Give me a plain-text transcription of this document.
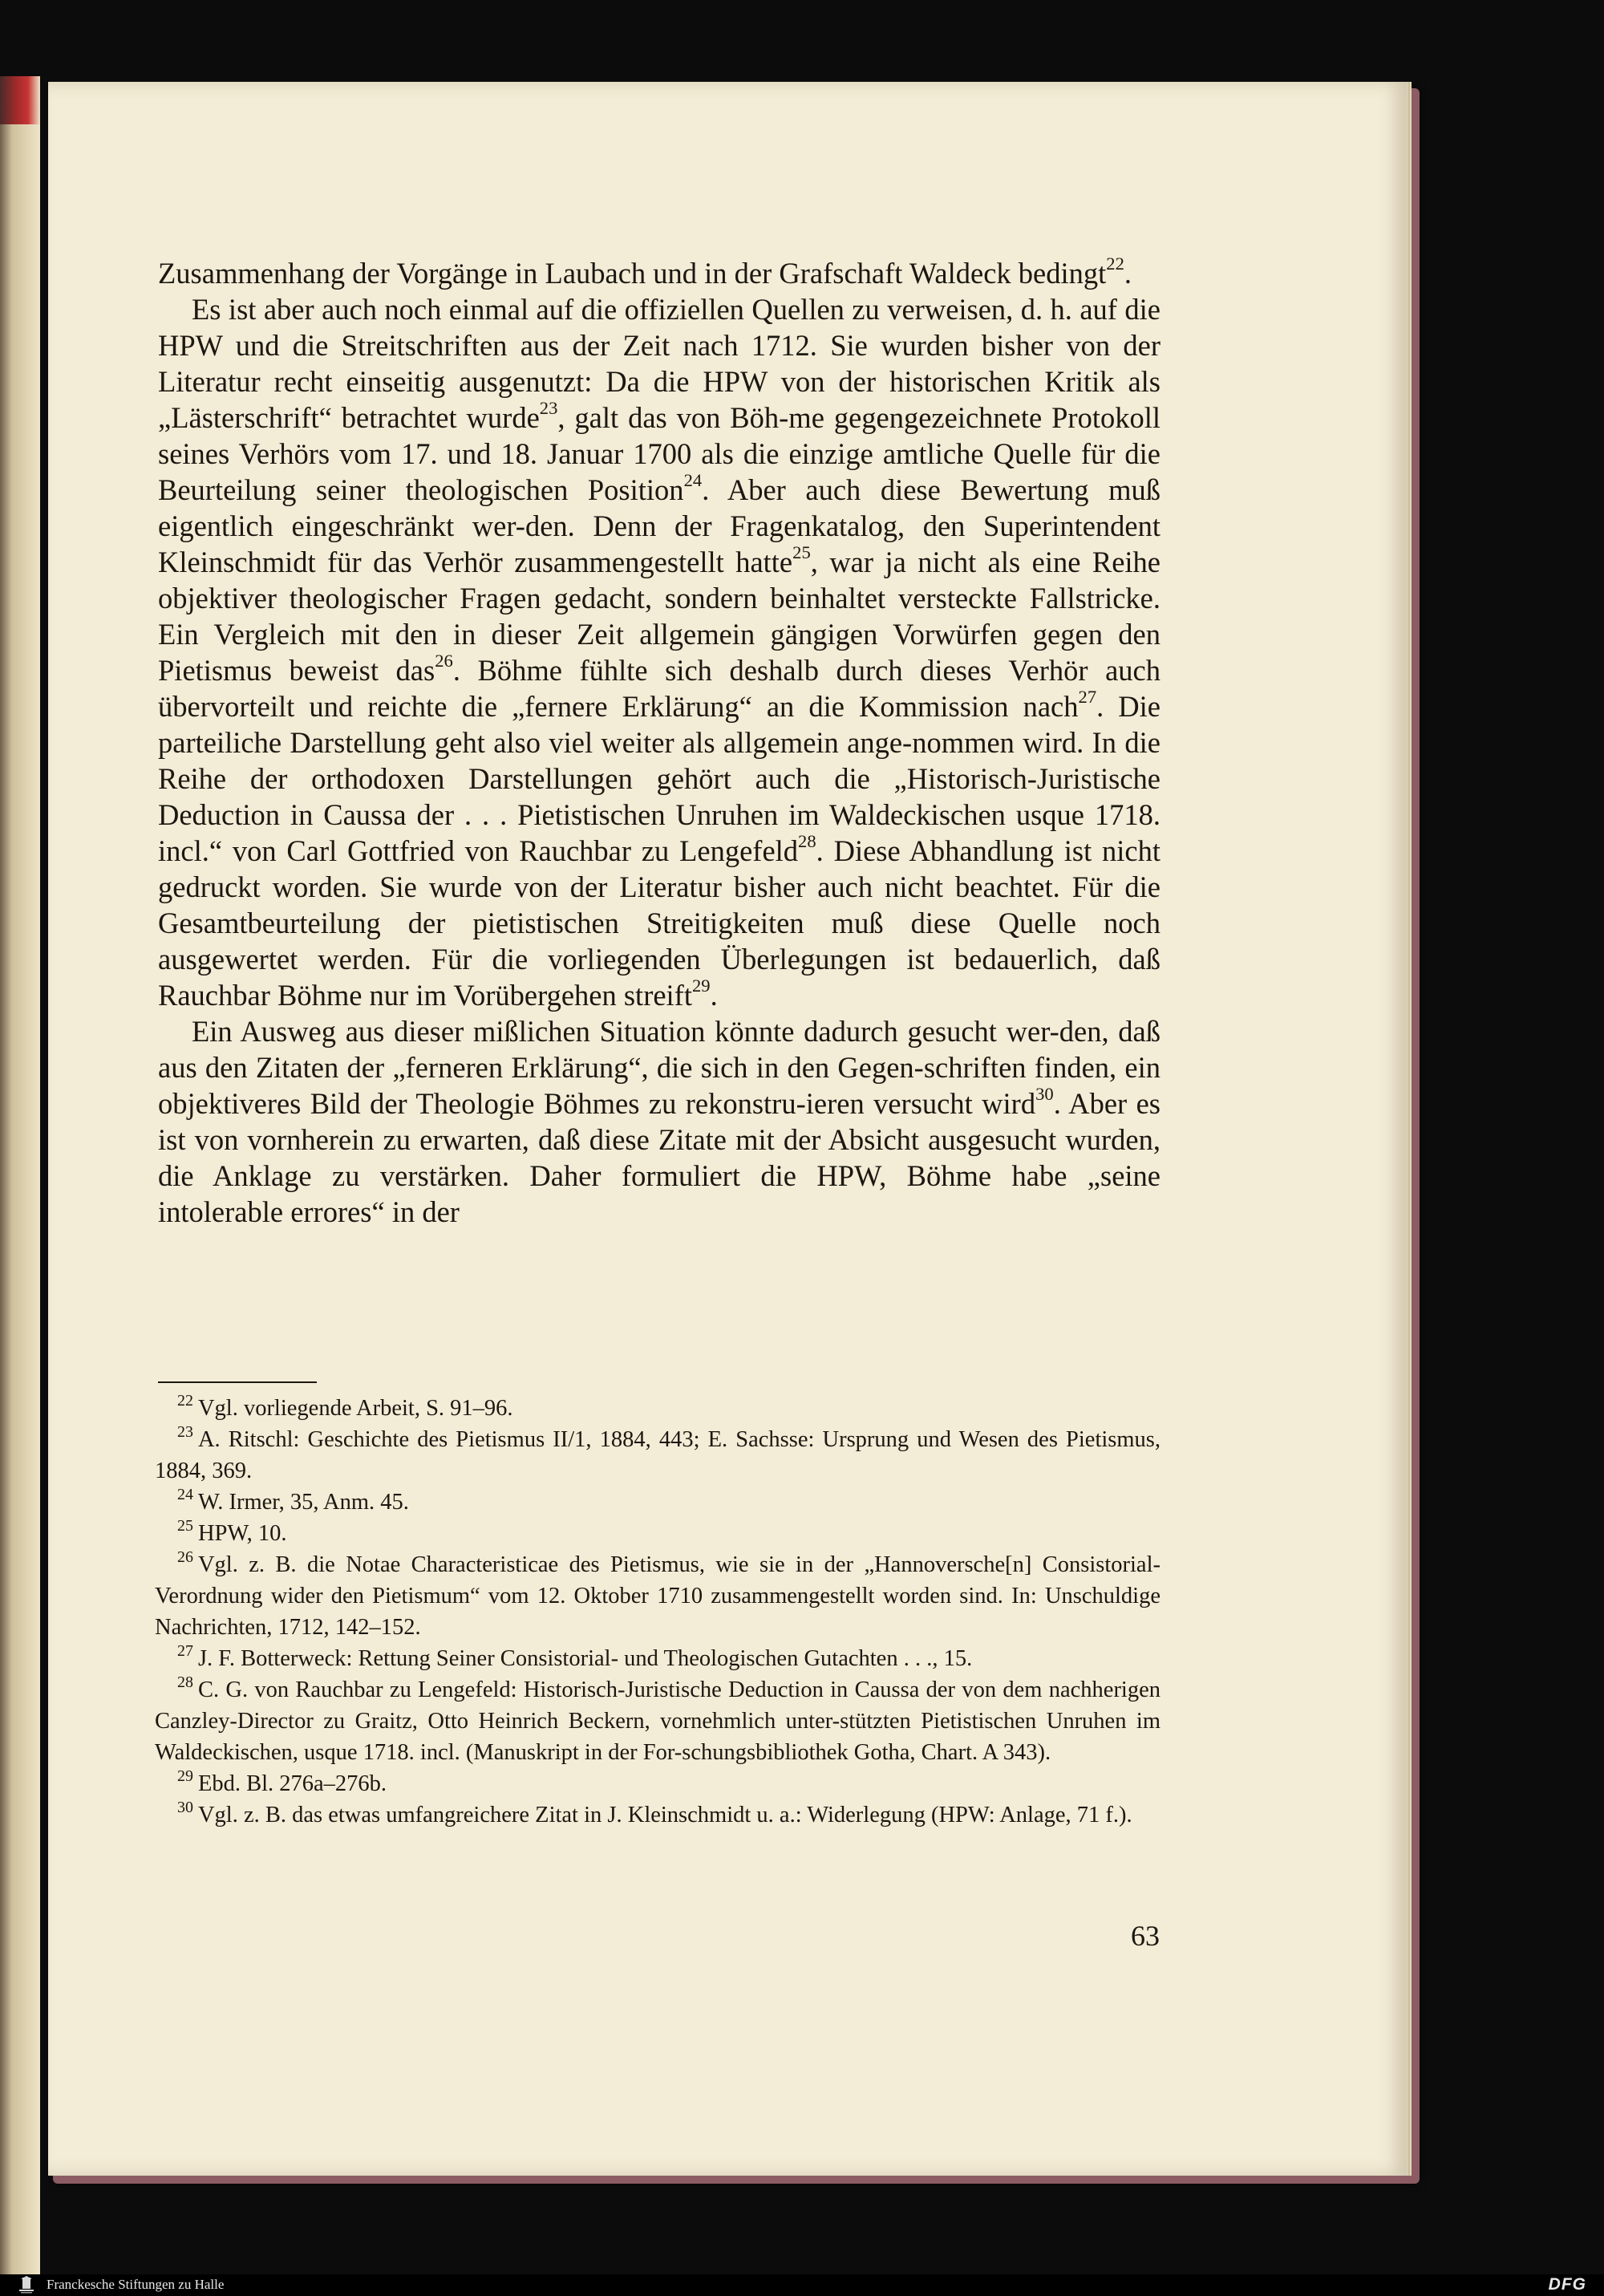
Zusammenhang der Vorgänge in Laubach und in der Grafschaft Waldeck bedingt$^{22}$.

Es ist aber auch noch einmal auf die offiziellen Quellen zu verweisen, d. h. auf die HPW und die Streitschriften aus der Zeit nach 1712. Sie wurden bisher von der Literatur recht einseitig ausgenutzt: Da die HPW von der historischen Kritik als „Lästerschrift“ betrachtet wurde$^{23}$, galt das von Böh-me gegengezeichnete Protokoll seines Verhörs vom 17. und 18. Januar 1700 als die einzige amtliche Quelle für die Beurteilung seiner theologischen Position$^{24}$. Aber auch diese Bewertung muß eigentlich eingeschränkt wer-den. Denn der Fragenkatalog, den Superintendent Kleinschmidt für das Verhör zusammengestellt hatte$^{25}$, war ja nicht als eine Reihe objektiver theologischer Fragen gedacht, sondern beinhaltet versteckte Fallstricke. Ein Vergleich mit den in dieser Zeit allgemein gängigen Vorwürfen gegen den Pietismus beweist das$^{26}$. Böhme fühlte sich deshalb durch dieses Verhör auch übervorteilt und reichte die „fernere Erklärung“ an die Kommission nach$^{27}$. Die parteiliche Darstellung geht also viel weiter als allgemein ange-nommen wird. In die Reihe der orthodoxen Darstellungen gehört auch die „Historisch-Juristische Deduction in Caussa der . . . Pietistischen Unruhen im Waldeckischen usque 1718. incl.“ von Carl Gottfried von Rauchbar zu Lengefeld$^{28}$. Diese Abhandlung ist nicht gedruckt worden. Sie wurde von der Literatur bisher auch nicht beachtet. Für die Gesamtbeurteilung der pietistischen Streitigkeiten muß diese Quelle noch ausgewertet werden. Für die vorliegenden Überlegungen ist bedauerlich, daß Rauchbar Böhme nur im Vorübergehen streift$^{29}$.

Ein Ausweg aus dieser mißlichen Situation könnte dadurch gesucht wer-den, daß aus den Zitaten der „ferneren Erklärung“, die sich in den Gegen-schriften finden, ein objektiveres Bild der Theologie Böhmes zu rekonstru-ieren versucht wird$^{30}$. Aber es ist von vornherein zu erwarten, daß diese Zitate mit der Absicht ausgesucht wurden, die Anklage zu verstärken. Daher formuliert die HPW, Böhme habe „seine intolerable errores“ in der

$^{22}$ Vgl. vorliegende Arbeit, S. 91–96.

$^{23}$ A. Ritschl: Geschichte des Pietismus II/1, 1884, 443; E. Sachsse: Ursprung und Wesen des Pietismus, 1884, 369.

$^{24}$ W. Irmer, 35, Anm. 45.

$^{25}$ HPW, 10.

$^{26}$ Vgl. z. B. die Notae Characteristicae des Pietismus, wie sie in der „Hannoversche[n] Consistorial-Verordnung wider den Pietismum“ vom 12. Oktober 1710 zusammengestellt worden sind. In: Unschuldige Nachrichten, 1712, 142–152.

$^{27}$ J. F. Botterweck: Rettung Seiner Consistorial- und Theologischen Gutachten . . ., 15.

$^{28}$ C. G. von Rauchbar zu Lengefeld: Historisch-Juristische Deduction in Caussa der von dem nachherigen Canzley-Director zu Graitz, Otto Heinrich Beckern, vornehmlich unter-stützten Pietistischen Unruhen im Waldeckischen, usque 1718. incl. (Manuskript in der For-schungsbibliothek Gotha, Chart. A 343).

$^{29}$ Ebd. Bl. 276a–276b.

$^{30}$ Vgl. z. B. das etwas umfangreichere Zitat in J. Kleinschmidt u. a.: Widerlegung (HPW: Anlage, 71 f.).

63
Franckesche Stiftungen zu Halle	DFG
